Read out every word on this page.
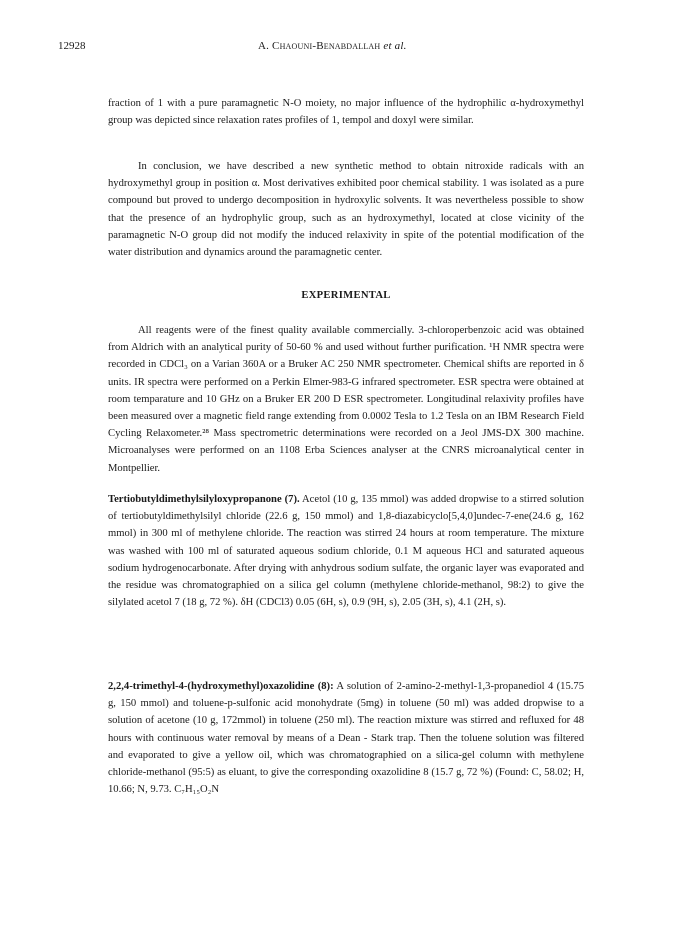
12928	A. Chaouni-Benabdallah et al.

fraction of 1 with a pure paramagnetic N-O moiety, no major influence of the hydrophilic α-hydroxymethyl group was depicted since relaxation rates profiles of 1, tempol and doxyl were similar.

In conclusion, we have described a new synthetic method to obtain nitroxide radicals with an hydroxymethyl group in position α. Most derivatives exhibited poor chemical stability. 1 was isolated as a pure compound but proved to undergo decomposition in hydroxylic solvents. It was nevertheless possible to show that the presence of an hydrophylic group, such as an hydroxymethyl, located at close vicinity of the paramagnetic N-O group did not modify the induced relaxivity in spite of the potential modification of the water distribution and dynamics around the paramagnetic center.

EXPERIMENTAL

All reagents were of the finest quality available commercially. 3-chloroperbenzoic acid was obtained from Aldrich with an analytical purity of 50-60 % and used without further purification. ¹H NMR spectra were recorded in CDCl₃ on a Varian 360A or a Bruker AC 250 NMR spectrometer. Chemical shifts are reported in δ units. IR spectra were performed on a Perkin Elmer-983-G infrared spectrometer. ESR spectra were obtained at room temparature and 10 GHz on a Bruker ER 200 D ESR spectrometer. Longitudinal relaxivity profiles have been measured over a magnetic field range extending from 0.0002 Tesla to 1.2 Tesla on an IBM Research Field Cycling Relaxometer.²⁸ Mass spectrometric determinations were recorded on a Jeol JMS-DX 300 machine. Microanalyses were performed on an 1108 Erba Sciences analyser at the CNRS microanalytical center in Montpellier.

Tertiobutyldimethylsilyloxypropanone (7). Acetol (10 g, 135 mmol) was added dropwise to a stirred solution of tertiobutyldimethylsilyl chloride (22.6 g, 150 mmol) and 1,8-diazabicyclo[5,4,0]undec-7-ene(24.6 g, 162 mmol) in 300 ml of methylene chloride. The reaction was stirred 24 hours at room temperature. The mixture was washed with 100 ml of saturated aqueous sodium chloride, 0.1 M aqueous HCl and saturated aqueous sodium hydrogenocarbonate. After drying with anhydrous sodium sulfate, the organic layer was evaporated and the residue was chromatographied on a silica gel column (methylene chloride-methanol, 98:2) to give the silylated acetol 7 (18 g, 72 %). δH (CDCl3) 0.05 (6H, s), 0.9 (9H, s), 2.05 (3H, s), 4.1 (2H, s).

2,2,4-trimethyl-4-(hydroxymethyl)oxazolidine (8): A solution of 2-amino-2-methyl-1,3-propanediol 4 (15.75 g, 150 mmol) and toluene-p-sulfonic acid monohydrate (5mg) in toluene (50 ml) was added dropwise to a solution of acetone (10 g, 172mmol) in toluene (250 ml). The reaction mixture was stirred and refluxed for 48 hours with continuous water removal by means of a Dean - Stark trap. Then the toluene solution was filtered and evaporated to give a yellow oil, which was chromatographied on a silica-gel column with methylene chloride-methanol (95:5) as eluant, to give the corresponding oxazolidine 8 (15.7 g, 72 %) (Found: C, 58.02; H, 10.66; N, 9.73. C₇H₁₅O₂N
